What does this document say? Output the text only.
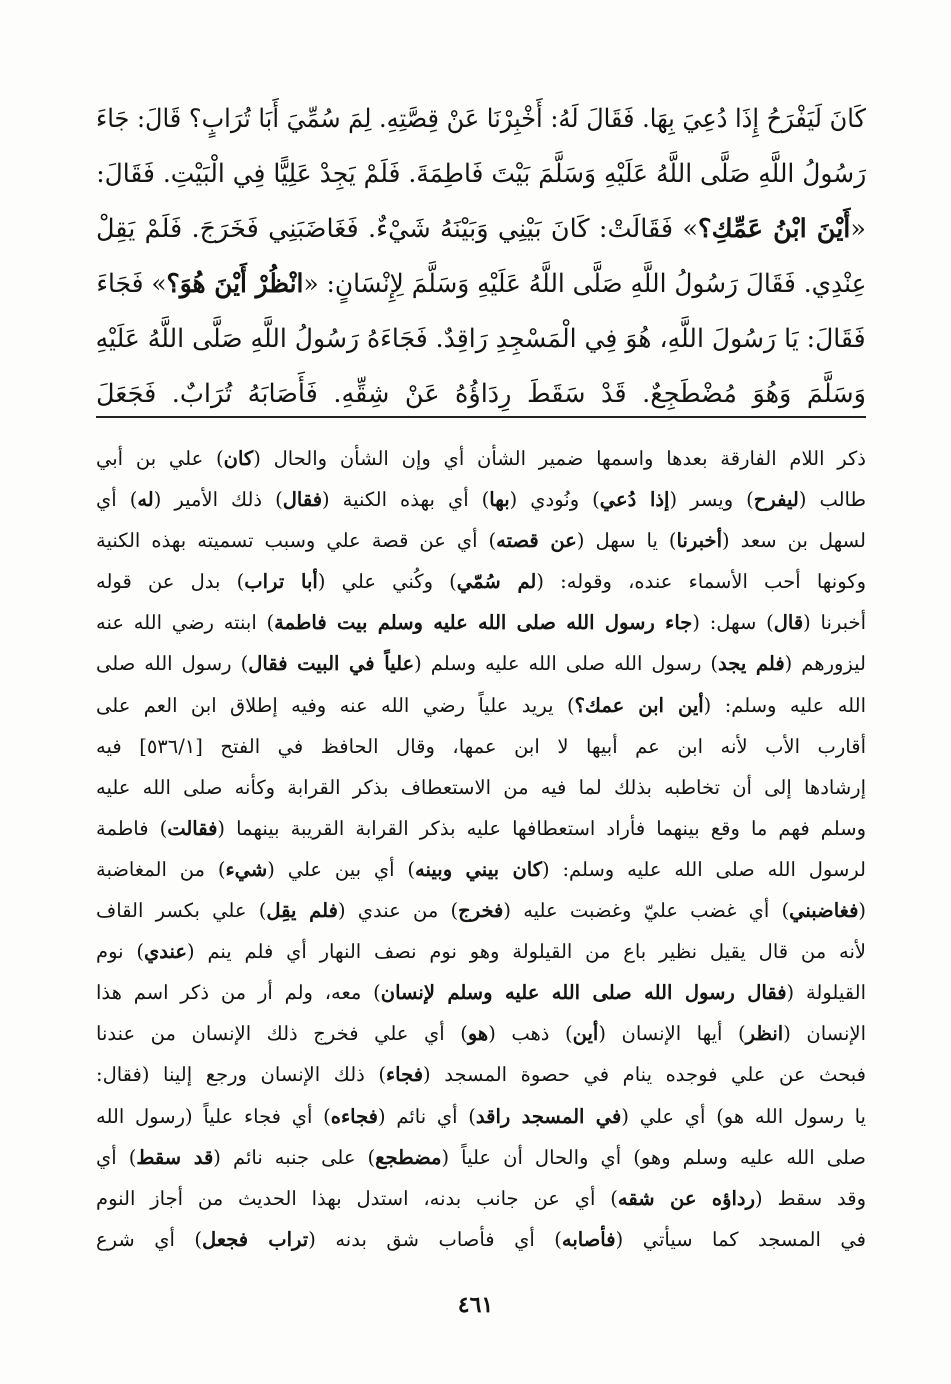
كَانَ لَيَفْرَحُ إِذَا دُعِيَ بِهَا. فَقَالَ لَهُ: أَخْبِرْنَا عَنْ قِصَّتِهِ. لِمَ سُمِّيَ أَبَا تُرَابٍ؟ قَالَ: جَاءَ
رَسُولُ اللَّهِ صَلَّى اللَّهُ عَلَيْهِ وَسَلَّمَ بَيْتَ فَاطِمَةَ. فَلَمْ يَجِدْ عَلِيًّا فِي الْبَيْتِ. فَقَالَ:
«أَيْنَ ابْنُ عَمِّكِ؟» فَقَالَتْ: كَانَ بَيْنِي وَبَيْنَهُ شَيْءٌ. فَغَاضَبَنِي فَخَرَجَ. فَلَمْ يَقِلْ
عِنْدِي. فَقَالَ رَسُولُ اللَّهِ صَلَّى اللَّهُ عَلَيْهِ وَسَلَّمَ لِإِنْسَانٍ: «انْظُرْ أَيْنَ هُوَ؟» فَجَاءَ
فَقَالَ: يَا رَسُولَ اللَّهِ، هُوَ فِي الْمَسْجِدِ رَاقِدٌ. فَجَاءَهُ رَسُولُ اللَّهِ صَلَّى اللَّهُ عَلَيْهِ
وَسَلَّمَ وَهُوَ مُضْطَجِعٌ. قَدْ سَقَطَ رِدَاؤُهُ عَنْ شِقِّهِ. فَأَصَابَهُ تُرَابٌ. فَجَعَلَ
ذكر اللام الفارقة بعدها واسمها ضمير الشأن أي وإن الشأن والحال (كان) علي بن أبي
طالب (ليفرح) ويسر (إذا دُعي) ونُودي (بها) أي بهذه الكنية (فقال) ذلك الأمير (له) أي
لسهل بن سعد (أخبرنا) يا سهل (عن قصته) أي عن قصة علي وسبب تسميته بهذه الكنية
وكونها أحب الأسماء عنده، وقوله: (لم سُمّي) وكُني علي (أبا تراب) بدل عن قوله
أخبرنا (قال) سهل: (جاء رسول الله صلى الله عليه وسلم بيت فاطمة) ابنته رضي الله عنه
ليزورهم (فلم يجد) رسول الله صلى الله عليه وسلم (علياً في البيت فقال) رسول الله صلى
الله عليه وسلم: (أين ابن عمك؟) يريد علياً رضي الله عنه وفيه إطلاق ابن العم على
أقارب الأب لأنه ابن عم أبيها لا ابن عمها، وقال الحافظ في الفتح [٥٣٦/١] فيه
إرشادها إلى أن تخاطبه بذلك لما فيه من الاستعطاف بذكر القرابة وكأنه صلى الله عليه
وسلم فهم ما وقع بينهما فأراد استعطافها عليه بذكر القرابة القريبة بينهما (فقالت) فاطمة
لرسول الله صلى الله عليه وسلم: (كان بيني وبينه) أي بين علي (شيء) من المغاضبة
(فغاضبني) أي غضب عليّ وغضبت عليه (فخرج) من عندي (فلم يقِل) علي بكسر القاف
لأنه من قال يقيل نظير باع من القيلولة وهو نوم نصف النهار أي فلم ينم (عندي) نوم
القيلولة (فقال رسول الله صلى الله عليه وسلم لإنسان) معه، ولم أر من ذكر اسم هذا
الإنسان (انظر) أيها الإنسان (أين) ذهب (هو) أي علي فخرج ذلك الإنسان من عندنا
فبحث عن علي فوجده ينام في حصوة المسجد (فجاء) ذلك الإنسان ورجع إلينا (فقال:
يا رسول الله هو) أي علي (في المسجد راقد) أي نائم (فجاءه) أي فجاء علياً (رسول الله
صلى الله عليه وسلم وهو) أي والحال أن علياً (مضطجع) على جنبه نائم (قد سقط) أي
وقد سقط (رداؤه عن شقه) أي عن جانب بدنه، استدل بهذا الحديث من أجاز النوم
في المسجد كما سيأتي (فأصابه) أي فأصاب شق بدنه (تراب فجعل) أي شرع
٤٦١
